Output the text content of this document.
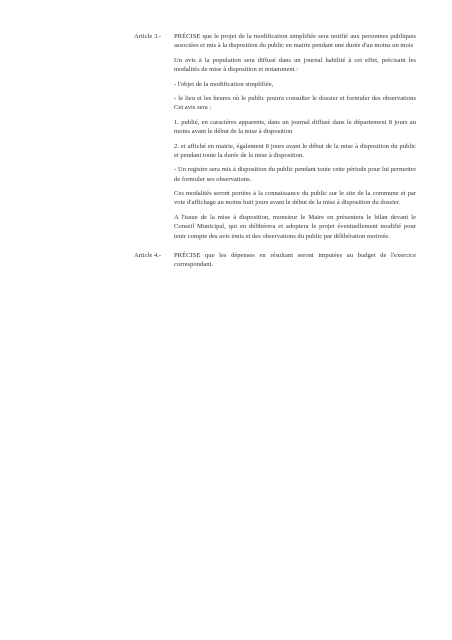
Article 3.-	PRÉCISE que le projet de la modification simplifiée sera notifié aux personnes publiques associées et mis à la disposition du public en mairie pendant une durée d'au moins un mois

Un avis à la population sera diffusé dans un journal habilité à cet effet, précisant les modalités de mise à disposition et notamment :

- l'objet de la modification simplifiée,

- le lieu et les heures où le public pourra consulter le dossier et formuler des observations Cet avis sera :

1. publié, en caractères apparents, dans un journal diffusé dans le département 8 jours au moins avant le début de la mise à disposition

2. et affiché en mairie, également 8 jours avant le début de la mise à disposition du public et pendant toute la durée de la mise à disposition.

- Un registre sera mis à disposition du public pendant toute cette période pour lui permettre de formuler ses observations.

Ces modalités seront portées à la connaissance du public sur le site de la commune et par voie d'affichage au moins huit jours avant le début de la mise à disposition du dossier.

A l'issue de la mise à disposition, monsieur le Maire en présentera le bilan devant le Conseil Municipal, qui en délibérera et adoptera le projet éventuellement modifié pour tenir compte des avis émis et des observations du public par délibération motivée.

Article 4.-	PRÉCISE que les dépenses en résultant seront imputées au budget de l'exercice correspondant.
